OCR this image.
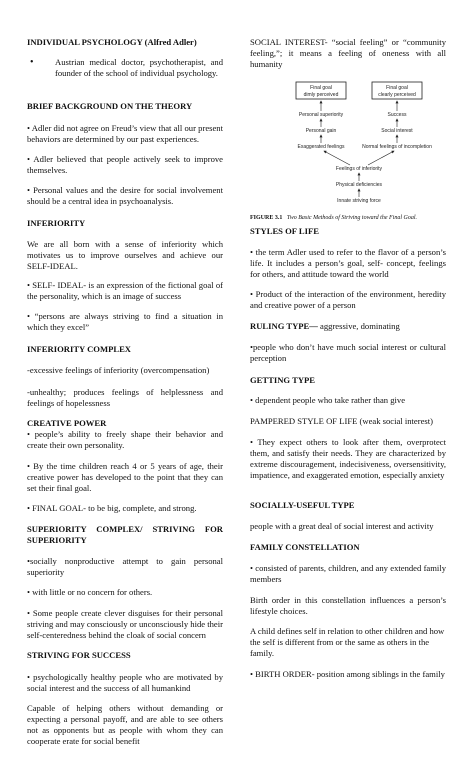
INDIVIDUAL PSYCHOLOGY (Alfred Adler)

• Austrian medical doctor, psychotherapist, and founder of the school of individual psychology.

BRIEF BACKGROUND ON THE THEORY

• Adler did not agree on Freud’s view that all our present behaviors are determined by our past experiences.

• Adler believed that people actively seek to improve themselves.

• Personal values and the desire for social involvement should be a central idea in psychoanalysis.

INFERIORITY

We are all born with a sense of inferiority which motivates us to improve ourselves and achieve our SELF-IDEAL.

• SELF- IDEAL- is an expression of the fictional goal of the personality, which is an image of success

• “persons are always striving to find a situation in which they excel”

INFERIORITY COMPLEX

-excessive feelings of inferiority (overcompensation)

-unhealthy; produces feelings of helplessness and feelings of hopelessness

CREATIVE POWER

• people’s ability to freely shape their behavior and create their own personality.

• By the time children reach 4 or 5 years of age, their creative power has developed to the point that they can set their final goal.

• FINAL GOAL- to be big, complete, and strong.

SUPERIORITY COMPLEX/ STRIVING FOR SUPERIORITY

•socially nonproductive attempt to gain personal superiority

• with little or no concern for others.

• Some people create clever disguises for their personal striving and may consciously or unconsciously hide their self-centeredness behind the cloak of social concern

STRIVING FOR SUCCESS

• psychologically healthy people who are motivated by social interest and the success of all humankind

Capable of helping others without demanding or expecting a personal payoff, and are able to see others not as opponents but as people with whom they can cooperate erate for social benefit

SOCIAL INTEREST- “social feeling” or “community feeling,”; it means a feeling of oneness with all humanity

Final goal
dimly perceived
Final goal
clearly perceived
Personal superiority
Personal gain
Exaggerated feelings
Success
Social interest
Normal feelings of incompletion
Feelings of inferiority
Physical deficiencies
Innate striving force
FIGURE 3.1 Two Basic Methods of Striving toward the Final Goal.

STYLES OF LIFE

• the term Adler used to refer to the flavor of a person’s life. It includes a person’s goal, self- concept, feelings for others, and attitude toward the world

• Product of the interaction of the environment, heredity and creative power of a person

RULING TYPE— aggressive, dominating

•people who don’t have much social interest or cultural perception

GETTING TYPE

• dependent people who take rather than give

PAMPERED STYLE OF LIFE (weak social interest)

• They expect others to look after them, overprotect them, and satisfy their needs. They are characterized by extreme discouragement, indecisiveness, oversensitivity, impatience, and exaggerated emotion, especially anxiety

SOCIALLY-USEFUL TYPE

people with a great deal of social interest and activity

FAMILY CONSTELLATION

• consisted of parents, children, and any extended family members

Birth order in this constellation influences a person’s lifestyle choices.

A child defines self in relation to other children and how the self is different from or the same as others in the family.

• BIRTH ORDER- position among siblings in the family
